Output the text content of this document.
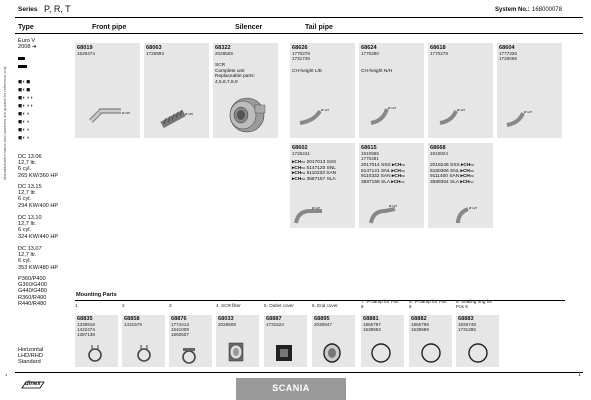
Manufacturers name and numbers are quoted for reference only
Series P, R, T	System No.: 168000078
Type	Front pipe	Silencer	Tail pipe
Euro V
2008 ➔
◼◐◼
◼◐◼
◼◐◑◑
◼◐◑◑
◼◐◑
◼◐◑
◼◐◑
◼◐◑
DC 13.06
12,7 ltr.
6 cyl.
265 KW/360 HP
DC 13.15
12,7 ltr.
6 cyl.
294 KW/400 HP
DC 13.10
12,7 ltr.
6 cyl.
324 KW/440 HP
DC 13.07
12,7 ltr.
6 cyl.
353 KW/480 HP
P360/P400
G360/G400
G440/G480
R360/R400
R440/R480
Horizontal
LHD/RHD
Standard
68019
1529474
Ø 115
68063
1726993
Ø 115
68322
2028508
SCR
Complete unit
Replaceable parts:
4,5,6,7,8,9
68626
1770278
1731736
CH-height L/E
Ø 127
68624
1770280
CH-height N/H
Ø 127
68618
1770279
Ø 127
68604
1777326
1726066
Ø 127
68602
1726241
▸CHno 2017013 SSS
▸CHno 5147120 SNL
▸CHno 9110333 SAN
▸CHno 3587157 SLA
Ø 127
68615
1910965
1770281
2017014 SSS ▸CHno
5147121 SNL ▸CHno
9110332 SAN ▸CHno
3587158 SLA ▸CHno
Ø 127
68668
1910824
2018246 SSS ▸CHno
5150366 SNL ▸CHno
9111400 SAN ▸CHno
3589354 SLA ▸CHno
Ø 127
Mounting Parts
1	2	3	4. SCR filter	5. Outlet cover	6. End cover
7. V-clamp for Pos 6
8. V-clamp for Pos 5
9. Sealing ring for Pos 6
68835
1339918
1422474
1387138
68858
1431579
68876
1774413
1541009
1850507
68033
2028509
68887
1731524
68895
2030947
68881
1865797
1538692
68882
1865798
1538689
68883
1926748
1731285
dinex
1
SCANIA
1
